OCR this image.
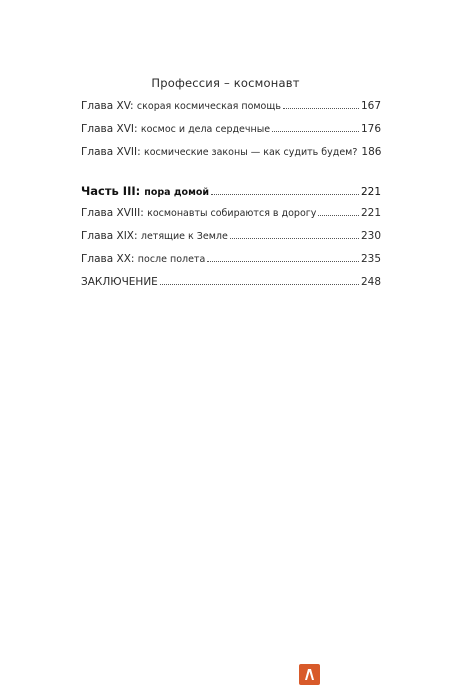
Профессия – космонавт
Глава XV: скорая космическая помощь	167
Глава XVI: космос и дела сердечные	176
Глава XVII: космические законы — как судить будем? 186
Часть III: пора домой	221
Глава XVIII: космонавты собираются в дорогу	221
Глава XIX: летящие к Земле	230
Глава XX: после полета	235
ЗАКЛЮЧЕНИЕ	248
